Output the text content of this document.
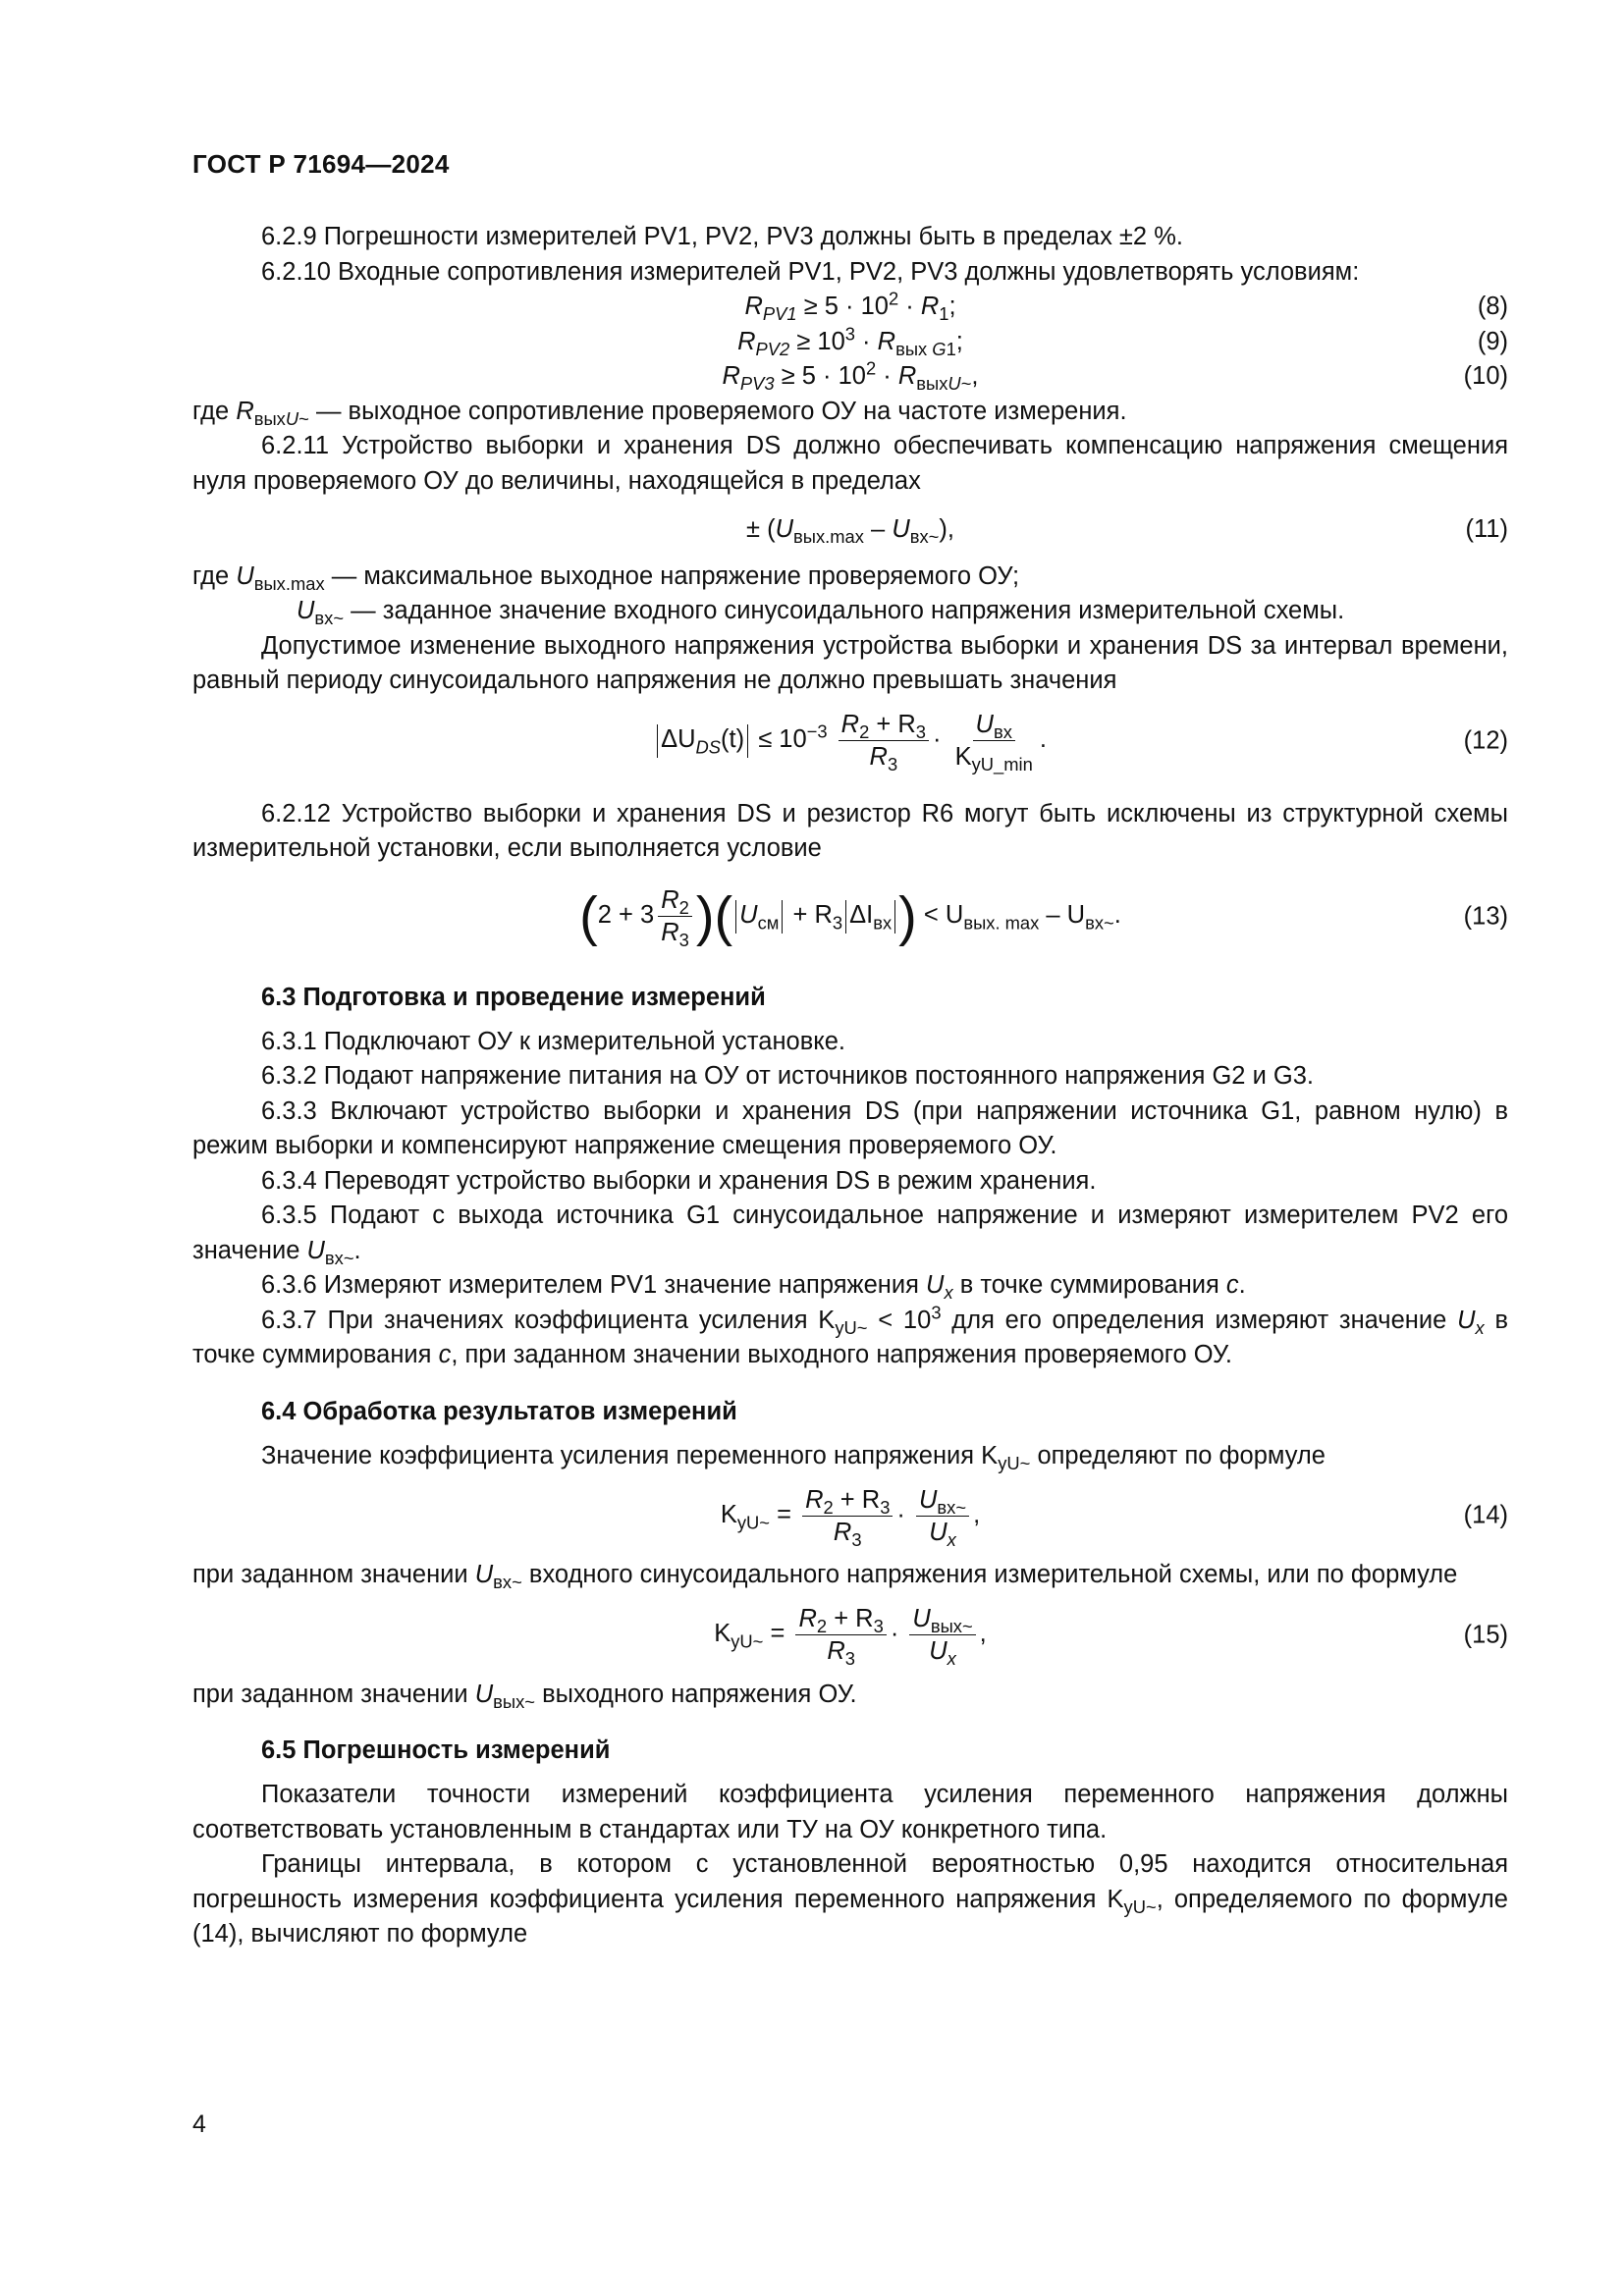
ГОСТ Р 71694—2024

6.2.9 Погрешности измерителей PV1, PV2, PV3 должны быть в пределах ±2 %.

6.2.10 Входные сопротивления измерителей PV1, PV2, PV3 должны удовлетворять условиям:

$R_{PV1} \ge 5 \cdot 10^2 \cdot R_1$;	(8)
$R_{PV2} \ge 10^3 \cdot R_{вых G1}$;	(9)
$R_{PV3} \ge 5 \cdot 10^2 \cdot R_{выхU\sim}$,	(10)

где $R_{выхU\sim}$ — выходное сопротивление проверяемого ОУ на частоте измерения.

6.2.11 Устройство выборки и хранения DS должно обеспечивать компенсацию напряжения смещения нуля проверяемого ОУ до величины, находящейся в пределах

± $(U_{вых.max} - U_{вх\sim})$,	(11)

где $U_{вых.max}$ — максимальное выходное напряжение проверяемого ОУ;

$U_{вх\sim}$ — заданное значение входного синусоидального напряжения измерительной схемы.

Допустимое изменение выходного напряжения устройства выборки и хранения DS за интервал времени, равный периоду синусоидального напряжения не должно превышать значения

$\Delta U_{DS}(t) \le 10^{-3} \frac{R_2 + R_3}{R_3} \cdot \frac{U_{вх}}{K_{yU\_min}}$ .	(12)

6.2.12 Устройство выборки и хранения DS и резистор R6 могут быть исключены из структурной схемы измерительной установки, если выполняется условие

($2 + 3 \frac{R_2}{R_3}$ )( $U_{см} + R_3$ $\Delta I_{вх}$ ) < $U_{вых. max} - U_{вх\sim}$.	(13)
6.3 Подготовка и проведение измерений

6.3.1 Подключают ОУ к измерительной установке.

6.3.2 Подают напряжение питания на ОУ от источников постоянного напряжения G2 и G3.

6.3.3 Включают устройство выборки и хранения DS (при напряжении источника G1, равном нулю) в режим выборки и компенсируют напряжение смещения проверяемого ОУ.

6.3.4 Переводят устройство выборки и хранения DS в режим хранения.

6.3.5 Подают с выхода источника G1 синусоидальное напряжение и измеряют измерителем PV2 его значение $U_{вх\sim}$.

6.3.6 Измеряют измерителем PV1 значение напряжения $U_x$ в точке суммирования c.

6.3.7 При значениях коэффициента усиления $K_{yU\sim} < 10^3$ для его определения измеряют значение $U_x$ в точке суммирования c, при заданном значении выходного напряжения проверяемого ОУ.

6.4 Обработка результатов измерений

Значение коэффициента усиления переменного напряжения $K_{yU\sim}$ определяют по формуле

$K_{yU\sim} = \frac{R_2 + R_3}{R_3} \cdot \frac{U_{вх\sim}}{U_x}$ ,	(14)

при заданном значении $U_{вх\sim}$ входного синусоидального напряжения измерительной схемы, или по формуле

$K_{yU\sim} = \frac{R_2 + R_3}{R_3} \cdot \frac{U_{вых\sim}}{U_x}$ ,	(15)

при заданном значении $U_{вых\sim}$ выходного напряжения ОУ.

6.5 Погрешность измерений

Показатели точности измерений коэффициента усиления переменного напряжения должны соответствовать установленным в стандартах или ТУ на ОУ конкретного типа.

Границы интервала, в котором с установленной вероятностью 0,95 находится относительная погрешность измерения коэффициента усиления переменного напряжения $K_{yU\sim}$, определяемого по формуле (14), вычисляют по формуле

4
